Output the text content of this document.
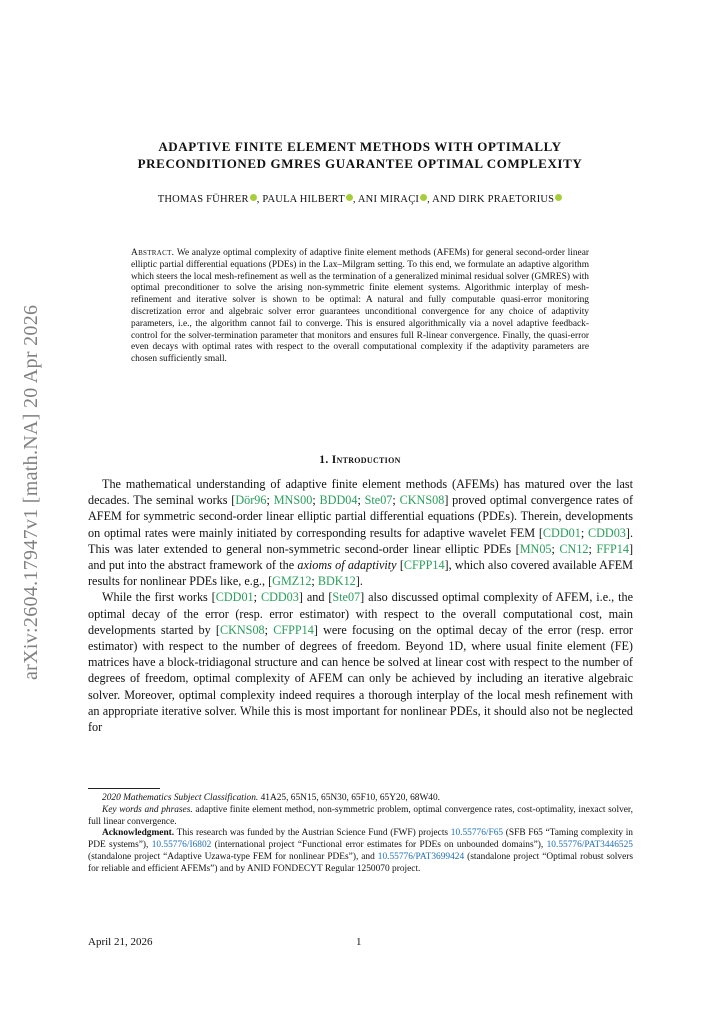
arXiv:2604.17947v1 [math.NA] 20 Apr 2026
ADAPTIVE FINITE ELEMENT METHODS WITH OPTIMALLY
PRECONDITIONED GMRES GUARANTEE OPTIMAL COMPLEXITY
THOMAS FÜHRER , PAULA HILBERT , ANI MIRAÇI , AND DIRK PRAETORIUS
Abstract. We analyze optimal complexity of adaptive finite element methods (AFEMs) for general second-order linear elliptic partial differential equations (PDEs) in the Lax–Milgram setting. To this end, we formulate an adaptive algorithm which steers the local mesh-refinement as well as the termination of a generalized minimal residual solver (GMRES) with optimal preconditioner to solve the arising non-symmetric finite element systems. Algorithmic interplay of mesh-refinement and iterative solver is shown to be optimal: A natural and fully computable quasi-error monitoring discretization error and algebraic solver error guarantees unconditional convergence for any choice of adaptivity parameters, i.e., the algorithm cannot fail to converge. This is ensured algorithmically via a novel adaptive feedback-control for the solver-termination parameter that monitors and ensures full R-linear convergence. Finally, the quasi-error even decays with optimal rates with respect to the overall computational complexity if the adaptivity parameters are chosen sufficiently small.
1. Introduction

The mathematical understanding of adaptive finite element methods (AFEMs) has matured over the last decades. The seminal works [Dör96; MNS00; BDD04; Ste07; CKNS08] proved optimal convergence rates of AFEM for symmetric second-order linear elliptic partial differential equations (PDEs). Therein, developments on optimal rates were mainly initiated by corresponding results for adaptive wavelet FEM [CDD01; CDD03]. This was later extended to general non-symmetric second-order linear elliptic PDEs [MN05; CN12; FFP14] and put into the abstract framework of the axioms of adaptivity [CFPP14], which also covered available AFEM results for nonlinear PDEs like, e.g., [GMZ12; BDK12].

While the first works [CDD01; CDD03] and [Ste07] also discussed optimal complexity of AFEM, i.e., the optimal decay of the error (resp. error estimator) with respect to the overall computational cost, main developments started by [CKNS08; CFPP14] were focusing on the optimal decay of the error (resp. error estimator) with respect to the number of degrees of freedom. Beyond 1D, where usual finite element (FE) matrices have a block-tridiagonal structure and can hence be solved at linear cost with respect to the number of degrees of freedom, optimal complexity of AFEM can only be achieved by including an iterative algebraic solver. Moreover, optimal complexity indeed requires a thorough interplay of the local mesh refinement with an appropriate iterative solver. While this is most important for nonlinear PDEs, it should also not be neglected for

2020 Mathematics Subject Classification. 41A25, 65N15, 65N30, 65F10, 65Y20, 68W40.

Key words and phrases. adaptive finite element method, non-symmetric problem, optimal convergence rates, cost-optimality, inexact solver, full linear convergence.

Acknowledgment. This research was funded by the Austrian Science Fund (FWF) projects 10.55776/F65 (SFB F65 “Taming complexity in PDE systems”), 10.55776/I6802 (international project “Functional error estimates for PDEs on unbounded domains”), 10.55776/PAT3446525 (standalone project “Adaptive Uzawa-type FEM for nonlinear PDEs”), and 10.55776/PAT3699424 (standalone project “Optimal robust solvers for reliable and efficient AFEMs”) and by ANID FONDECYT Regular 1250070 project.

April 21, 2026	1
